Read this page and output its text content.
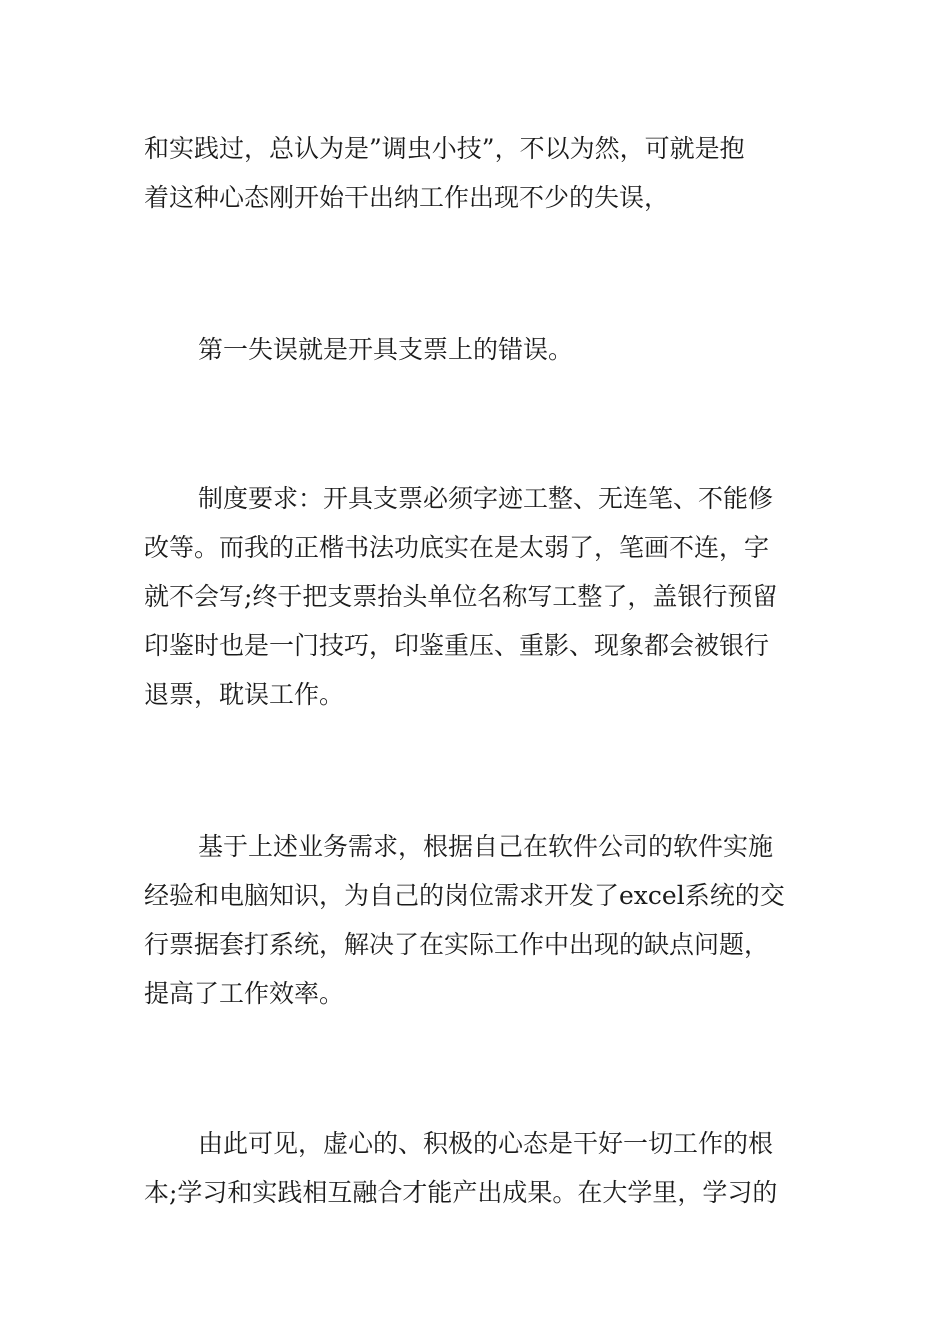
和实践过，总认为是”调虫小技”，不以为然，可就是抱
着这种心态刚开始干出纳工作出现不少的失误，
第一失误就是开具支票上的错误。
制度要求：开具支票必须字迹工整、无连笔、不能修
改等。而我的正楷书法功底实在是太弱了，笔画不连，字
就不会写;终于把支票抬头单位名称写工整了，盖银行预留
印鉴时也是一门技巧，印鉴重压、重影、现象都会被银行
退票，耽误工作。
基于上述业务需求，根据自己在软件公司的软件实施
经验和电脑知识，为自己的岗位需求开发了excel系统的交
行票据套打系统，解决了在实际工作中出现的缺点问题，
提高了工作效率。
由此可见，虚心的、积极的心态是干好一切工作的根
本;学习和实践相互融合才能产出成果。在大学里，学习的
